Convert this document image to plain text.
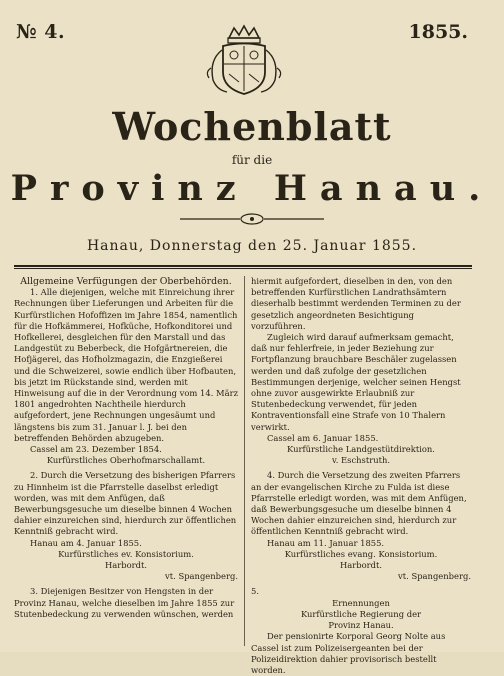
№ 4.	1855.
Wochenblatt
für die
Provinz Hanau.
Hanau, Donnerstag den 25. Januar 1855.

Allgemeine Verfügungen der Oberbehörden.

1. Alle diejenigen, welche mit Einreichung ihrer Rechnungen über Lieferungen und Arbeiten für die Kurfürstlichen Hofoffizen im Jahre 1854, namentlich für die Hofkämmerei, Hofküche, Hofkonditorei und Hofkellerei, desgleichen für den Marstall und das Landgestüt zu Beberbeck, die Hofgärtnereien, die Hofjägerei, das Hofholzmagazin, die Enzgießerei und die Schweizerei, sowie endlich über Hofbauten, bis jetzt im Rückstande sind, werden mit Hinweisung auf die in der Verordnung vom 14. März 1801 angedrohten Nachtheile hierdurch aufgefordert, jene Rechnungen ungesäumt und längstens bis zum 31. Januar l. J. bei den betreffenden Behörden abzugeben.

Cassel am 23. Dezember 1854.

Kurfürstliches Oberhofmarschallamt.

2. Durch die Versetzung des bisherigen Pfarrers zu Hinnheim ist die Pfarrstelle daselbst erledigt worden, was mit dem Anfügen, daß Bewerbungsgesuche um dieselbe binnen 4 Wochen dahier einzureichen sind, hierdurch zur öffentlichen Kenntniß gebracht wird.

Hanau am 4. Januar 1855.

Kurfürstliches ev. Konsistorium.

Harbordt.

vt. Spangenberg.

3. Diejenigen Besitzer von Hengsten in der Provinz Hanau, welche dieselben im Jahre 1855 zur Stutenbedeckung zu verwenden wünschen, werden

hiermit aufgefordert, dieselben in den, von den betreffenden Kurfürstlichen Landrathsämtern dieserhalb bestimmt werdenden Terminen zu der gesetzlich angeordneten Besichtigung vorzuführen.

Zugleich wird darauf aufmerksam gemacht, daß nur fehlerfreie, in jeder Beziehung zur Fortpflanzung brauchbare Beschäler zugelassen werden und daß zufolge der gesetzlichen Bestimmungen derjenige, welcher seinen Hengst ohne zuvor ausgewirkte Erlaubniß zur Stutenbedeckung verwendet, für jeden Kontraventionsfall eine Strafe von 10 Thalern verwirkt.

Cassel am 6. Januar 1855.

Kurfürstliche Landgestütdirektion.

v. Eschstruth.

4. Durch die Versetzung des zweiten Pfarrers an der evangelischen Kirche zu Fulda ist diese Pfarrstelle erledigt worden, was mit dem Anfügen, daß Bewerbungsgesuche um dieselbe binnen 4 Wochen dahier einzureichen sind, hierdurch zur öffentlichen Kenntniß gebracht wird.

Hanau am 11. Januar 1855.

Kurfürstliches evang. Konsistorium.

Harbordt.

vt. Spangenberg.

5.

Ernennungen

Kurfürstliche Regierung der

Provinz Hanau.

Der pensionirte Korporal Georg Nolte aus Cassel ist zum Polizeisergeanten bei der Polizeidirektion dahier provisorisch bestellt worden.
